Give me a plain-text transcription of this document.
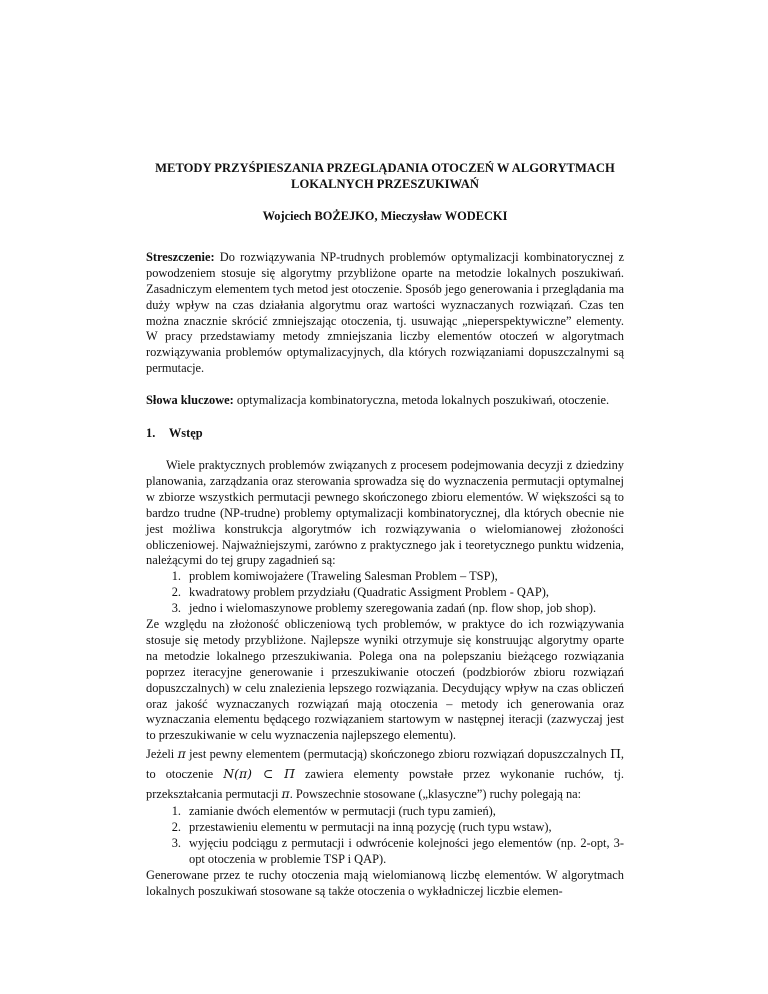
METODY PRZYŚPIESZANIA PRZEGLĄDANIA OTOCZEŃ W ALGORYTMACH LOKALNYCH PRZESZUKIWAŃ
Wojciech BOŻEJKO, Mieczysław WODECKI

Streszczenie: Do rozwiązywania NP-trudnych problemów optymalizacji kombinatorycznej z powodzeniem stosuje się algorytmy przybliżone oparte na metodzie lokalnych poszukiwań. Zasadniczym elementem tych metod jest otoczenie. Sposób jego generowania i przeglądania ma duży wpływ na czas działania algorytmu oraz wartości wyznaczanych rozwiązań. Czas ten można znacznie skrócić zmniejszając otoczenia, tj. usuwając „nieperspektywiczne” elementy. W pracy przedstawiamy metody zmniejszania liczby elementów otoczeń w algorytmach rozwiązywania problemów optymalizacyjnych, dla których rozwiązaniami dopuszczalnymi są permutacje.

Słowa kluczowe: optymalizacja kombinatoryczna, metoda lokalnych poszukiwań, otoczenie.

1. Wstęp
Wiele praktycznych problemów związanych z procesem podejmowania decyzji z dziedziny planowania, zarządzania oraz sterowania sprowadza się do wyznaczenia permutacji optymalnej w zbiorze wszystkich permutacji pewnego skończonego zbioru elementów. W większości są to bardzo trudne (NP-trudne) problemy optymalizacji kombinatorycznej, dla których obecnie nie jest możliwa konstrukcja algorytmów ich rozwiązywania o wielomianowej złożoności obliczeniowej. Najważniejszymi, zarówno z praktycznego jak i teoretycznego punktu widzenia, należącymi do tej grupy zagadnień są:
1. problem komiwojażere (Traweling Salesman Problem – TSP),
2. kwadratowy problem przydziału (Quadratic Assigment Problem - QAP),
3. jedno i wielomaszynowe problemy szeregowania zadań (np. flow shop, job shop).
Ze względu na złożoność obliczeniową tych problemów, w praktyce do ich rozwiązywania stosuje się metody przybliżone. Najlepsze wyniki otrzymuje się konstruując algorytmy oparte na metodzie lokalnego przeszukiwania. Polega ona na polepszaniu bieżącego rozwiązania poprzez iteracyjne generowanie i przeszukiwanie otoczeń (podzbiorów zbioru rozwiązań dopuszczalnych) w celu znalezienia lepszego rozwiązania. Decydujący wpływ na czas obliczeń oraz jakość wyznaczanych rozwiązań mają otoczenia – metody ich generowania oraz wyznaczania elementu będącego rozwiązaniem startowym w następnej iteracji (zazwyczaj jest to przeszukiwanie w celu wyznaczenia najlepszego elementu).
Jeżeli π jest pewny elementem (permutacją) skończonego zbioru rozwiązań dopuszczalnych Π, to otoczenie N(π) ⊂ Π zawiera elementy powstałe przez wykonanie ruchów, tj. przekształcania permutacji π. Powszechnie stosowane („klasyczne”) ruchy polegają na:
1. zamianie dwóch elementów w permutacji (ruch typu zamień),
2. przestawieniu elementu w permutacji na inną pozycję (ruch typu wstaw),
3. wyjęciu podciągu z permutacji i odwrócenie kolejności jego elementów (np. 2-opt, 3-opt otoczenia w problemie TSP i QAP).
Generowane przez te ruchy otoczenia mają wielomianową liczbę elementów. W algorytmach lokalnych poszukiwań stosowane są także otoczenia o wykładniczej liczbie elemen-
